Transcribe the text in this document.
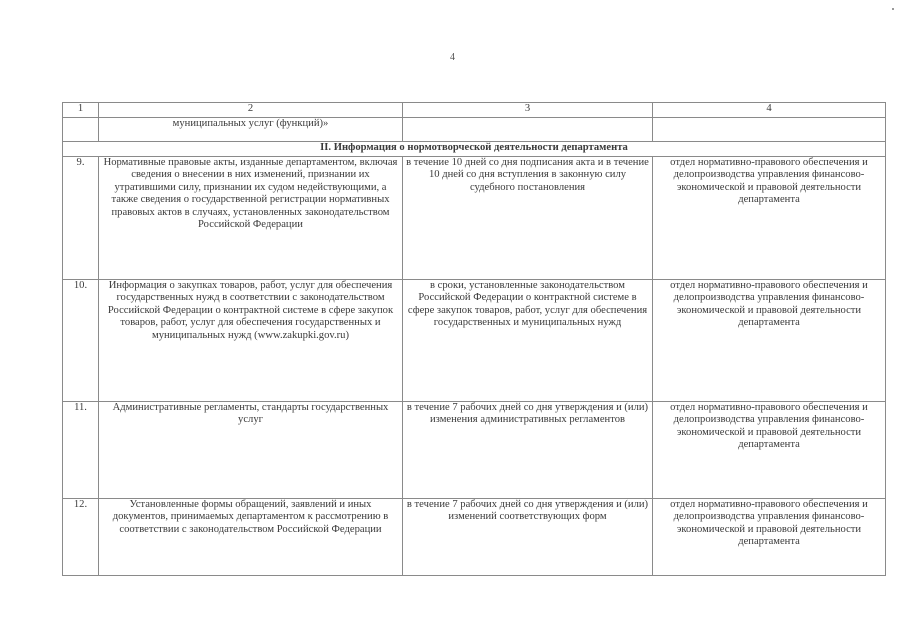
4
1	2	3	4
	муниципальных услуг (функций)»		
II. Информация о нормотворческой деятельности департамента			
9.	Нормативные правовые акты, изданные департаментом, включая сведения о внесении в них изменений, признании их утратившими силу, признании их судом недействующими, а также сведения о государственной регистрации нормативных правовых актов в случаях, установленных законодательством Российской Федерации	в течение 10 дней со дня подписания акта и в течение 10 дней со дня вступления в законную силу судебного постановления	отдел нормативно-правового обеспечения и делопроизводства управления финансово-экономической и правовой деятельности департамента
10.	Информация о закупках товаров, работ, услуг для обеспечения государственных нужд в соответствии с законодательством Российской Федерации о контрактной системе в сфере закупок товаров, работ, услуг для обеспечения государственных и муниципальных нужд (www.zakupki.gov.ru)	в сроки, установленные законодательством Российской Федерации о контрактной системе в сфере закупок товаров, работ, услуг для обеспечения государственных и муниципальных нужд	отдел нормативно-правового обеспечения и делопроизводства управления финансово-экономической и правовой деятельности департамента
11.	Административные регламенты, стандарты государственных услуг	в течение 7 рабочих дней со дня утверждения и (или) изменения административных регламентов	отдел нормативно-правового обеспечения и делопроизводства управления финансово-экономической и правовой деятельности департамента
12.	Установленные формы обращений, заявлений и иных документов, принимаемых департаментом к рассмотрению в соответствии с законодательством Российской Федерации	в течение 7 рабочих дней со дня утверждения и (или) изменений соответствующих форм	отдел нормативно-правового обеспечения и делопроизводства управления финансово-экономической и правовой деятельности департамента
